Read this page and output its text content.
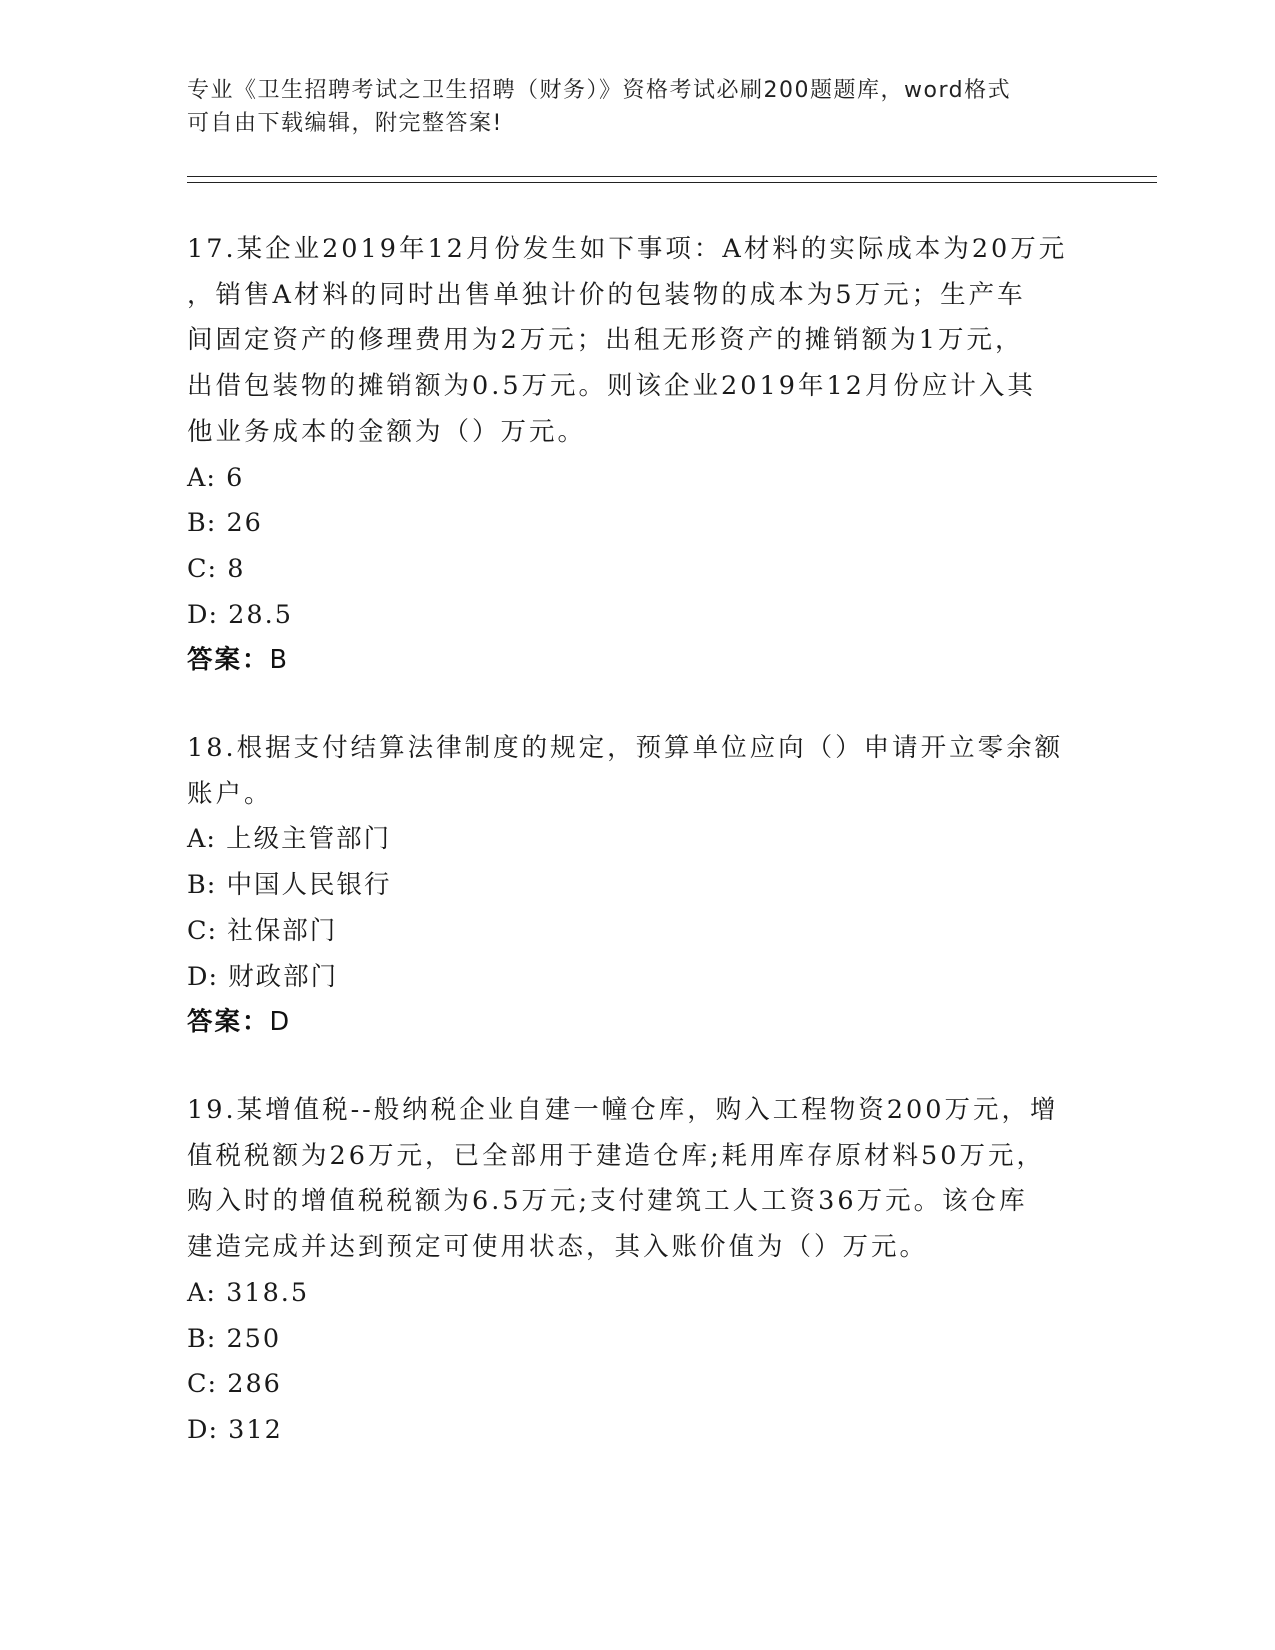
专业《卫生招聘考试之卫生招聘（财务）》资格考试必刷200题题库，word格式
可自由下载编辑，附完整答案!

17.某企业2019年12月份发生如下事项：A材料的实际成本为20万元

，销售A材料的同时出售单独计价的包装物的成本为5万元；生产车

间固定资产的修理费用为2万元；出租无形资产的摊销额为1万元，

出借包装物的摊销额为0.5万元。则该企业2019年12月份应计入其

他业务成本的金额为（）万元。

A: 6

B: 26

C: 8

D: 28.5

答案：B

18.根据支付结算法律制度的规定，预算单位应向（）申请开立零余额

账户。

A: 上级主管部门

B: 中国人民银行

C: 社保部门

D: 财政部门

答案：D

19.某增值税--般纳税企业自建一幢仓库，购入工程物资200万元，增

值税税额为26万元，已全部用于建造仓库;耗用库存原材料50万元，

购入时的增值税税额为6.5万元;支付建筑工人工资36万元。该仓库

建造完成并达到预定可使用状态，其入账价值为（）万元。

A: 318.5

B: 250

C: 286

D: 312
